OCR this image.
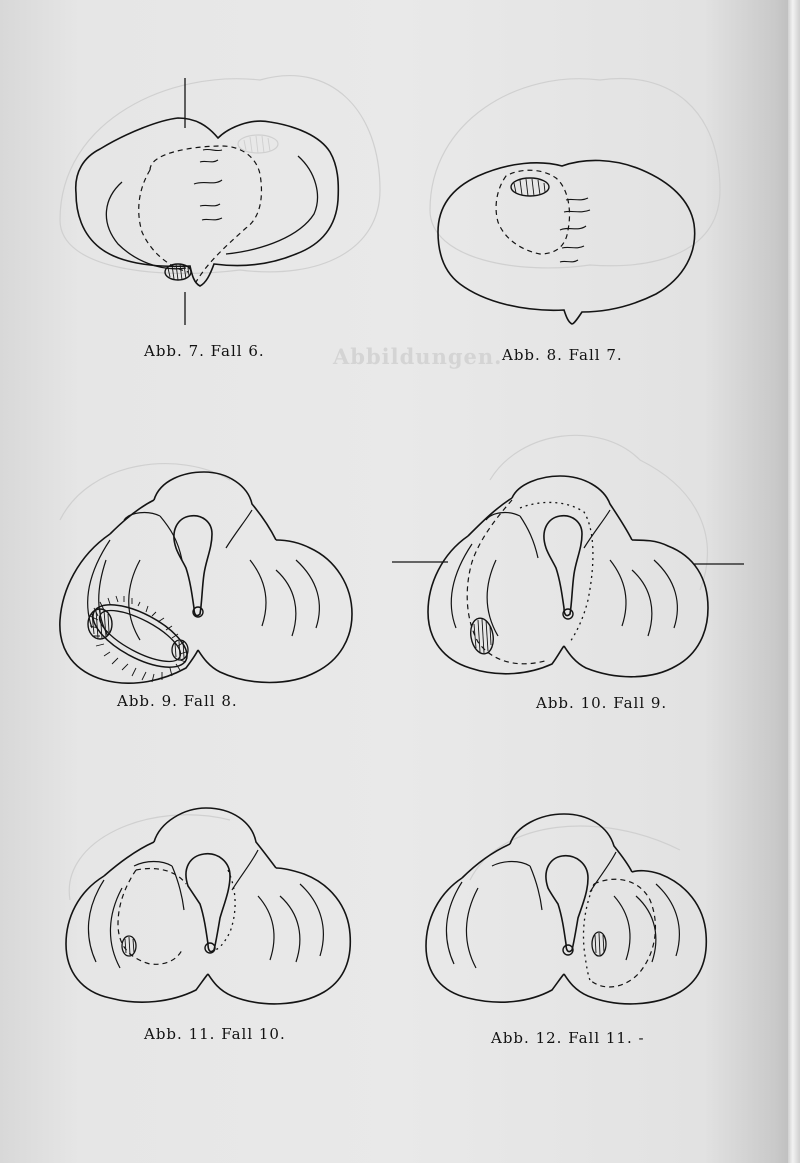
Abbildungen.
Abb. 7. Fall 6.	Abb. 8. Fall 7.
Abb. 9. Fall 8.	Abb. 10. Fall 9.
Abb. 11. Fall 10.	Abb. 12. Fall 11. -
